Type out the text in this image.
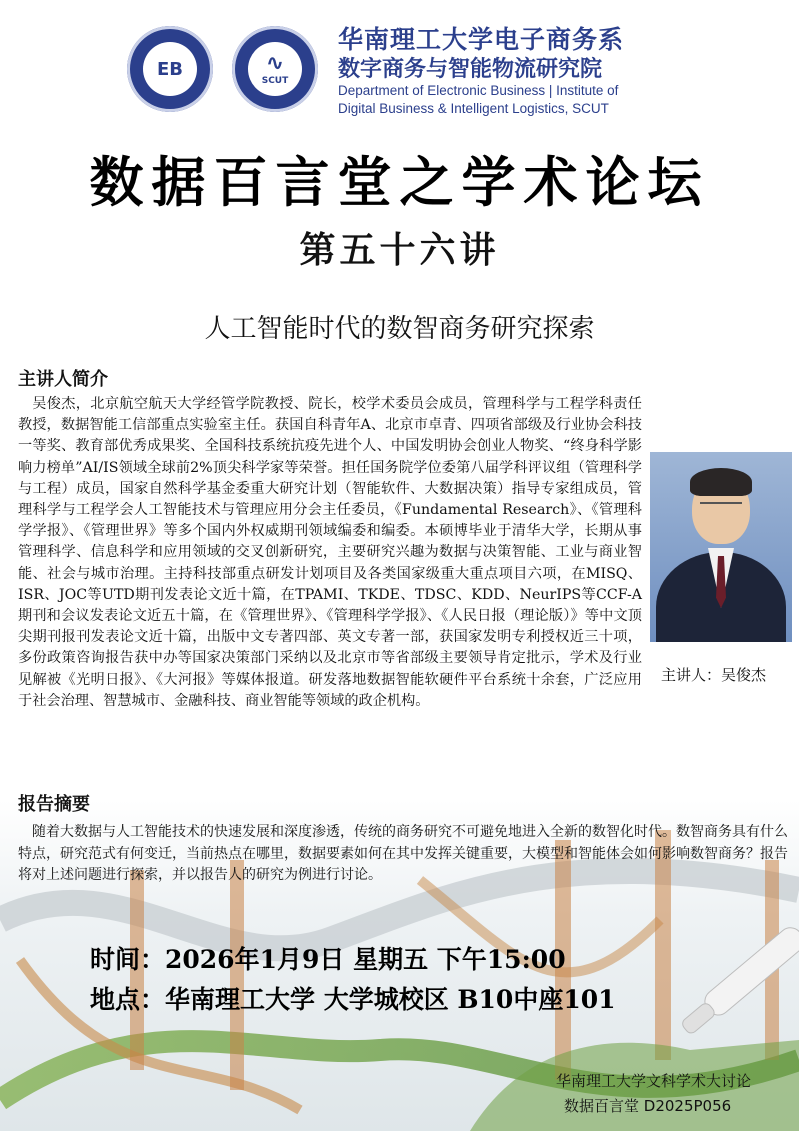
EB	∿
SCUT
华南理工大学电子商务系
数字商务与智能物流研究院
Department of Electronic Business | Institute of
Digital Business & Intelligent Logistics, SCUT
数据百言堂之学术论坛
第五十六讲
人工智能时代的数智商务研究探索
主讲人简介

吴俊杰，北京航空航天大学经管学院教授、院长，校学术委员会成员，管理科学与工程学科责任教授，数据智能工信部重点实验室主任。获国自科青年A、北京市卓青、四项省部级及行业协会科技一等奖、教育部优秀成果奖、全国科技系统抗疫先进个人、中国发明协会创业人物奖、“终身科学影响力榜单”AI/IS领域全球前2%顶尖科学家等荣誉。担任国务院学位委第八届学科评议组（管理科学与工程）成员，国家自然科学基金委重大研究计划（智能软件、大数据决策）指导专家组成员，管理科学与工程学会人工智能技术与管理应用分会主任委员，《Fundamental Research》、《管理科学学报》、《管理世界》等多个国内外权威期刊领域编委和编委。本硕博毕业于清华大学，长期从事管理科学、信息科学和应用领域的交叉创新研究，主要研究兴趣为数据与决策智能、工业与商业智能、社会与城市治理。主持科技部重点研发计划项目及各类国家级重大重点项目六项，在MISQ、ISR、JOC等UTD期刊发表论文近十篇，在TPAMI、TKDE、TDSC、KDD、NeurIPS等CCF-A期刊和会议发表论文近五十篇，在《管理世界》、《管理科学学报》、《人民日报（理论版）》等中文顶尖期刊报刊发表论文近十篇，出版中文专著四部、英文专著一部，获国家发明专利授权近三十项，多份政策咨询报告获中办等国家决策部门采纳以及北京市等省部级主要领导肯定批示，学术及行业见解被《光明日报》、《大河报》等媒体报道。研发落地数据智能软硬件平台系统十余套，广泛应用于社会治理、智慧城市、金融科技、商业智能等领域的政企机构。

主讲人：吴俊杰
报告摘要

随着大数据与人工智能技术的快速发展和深度渗透，传统的商务研究不可避免地进入全新的数智化时代。数智商务具有什么特点，研究范式有何变迁，当前热点在哪里，数据要素如何在其中发挥关键重要，大模型和智能体会如何影响数智商务？报告将对上述问题进行探索，并以报告人的研究为例进行讨论。

时间：2026年1月9日 星期五 下午15:00
地点：华南理工大学 大学城校区 B10中座101
华南理工大学文科学术大讨论
数据百言堂 D2025P056
